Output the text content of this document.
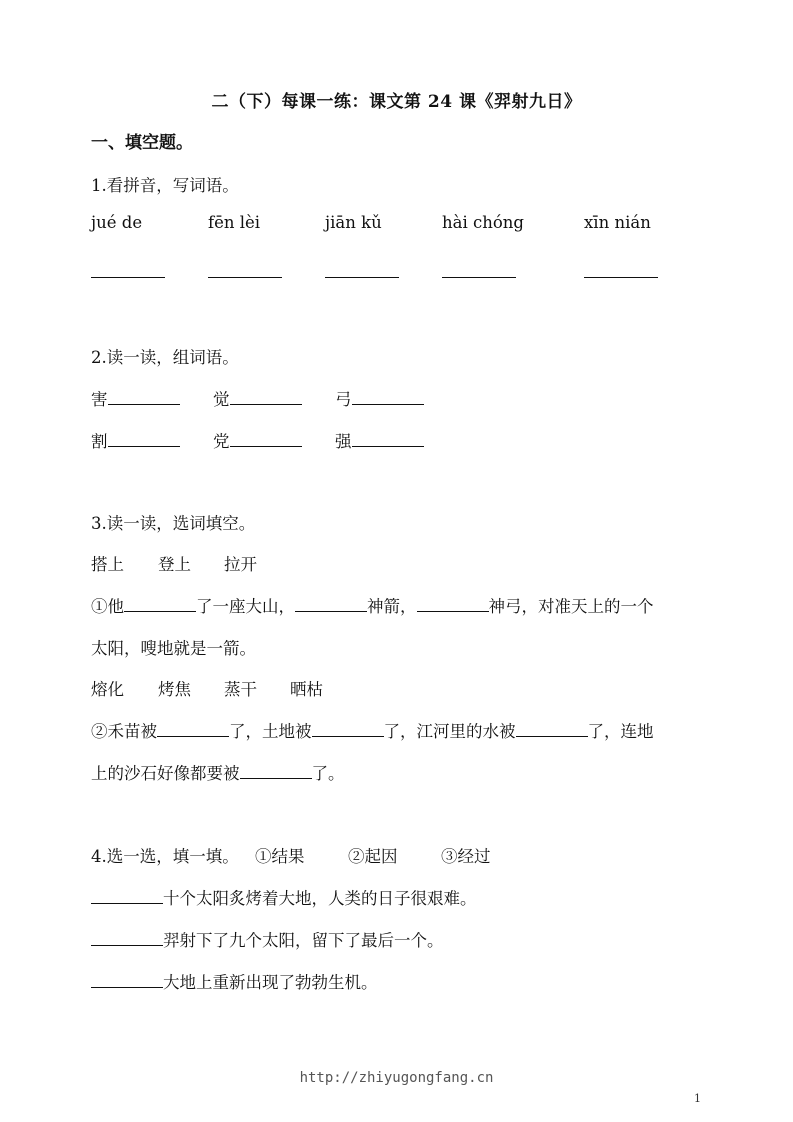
二（下）每课一练：课文第 24 课《羿射九日》
一、填空题。
1.看拼音，写词语。
jué de	fēn lèi	jiān kǔ	hài chóng	xīn nián
2.读一读，组词语。
害	觉	弓
割	党	强
3.读一读，选词填空。
搭上 登上 拉开
①他	了一座大山，	神箭，	神弓，对准天上的一个
太阳，嗖地就是一箭。
熔化 烤焦 蒸干 晒枯
②禾苗被	了，土地被	了，江河里的水被	了，连地
上的沙石好像都要被	了。
4.选一选，填一填。 ①结果	②起因	③经过
十个太阳炙烤着大地，人类的日子很艰难。
羿射下了九个太阳，留下了最后一个。
大地上重新出现了勃勃生机。
http://zhiyugongfang.cn
1
